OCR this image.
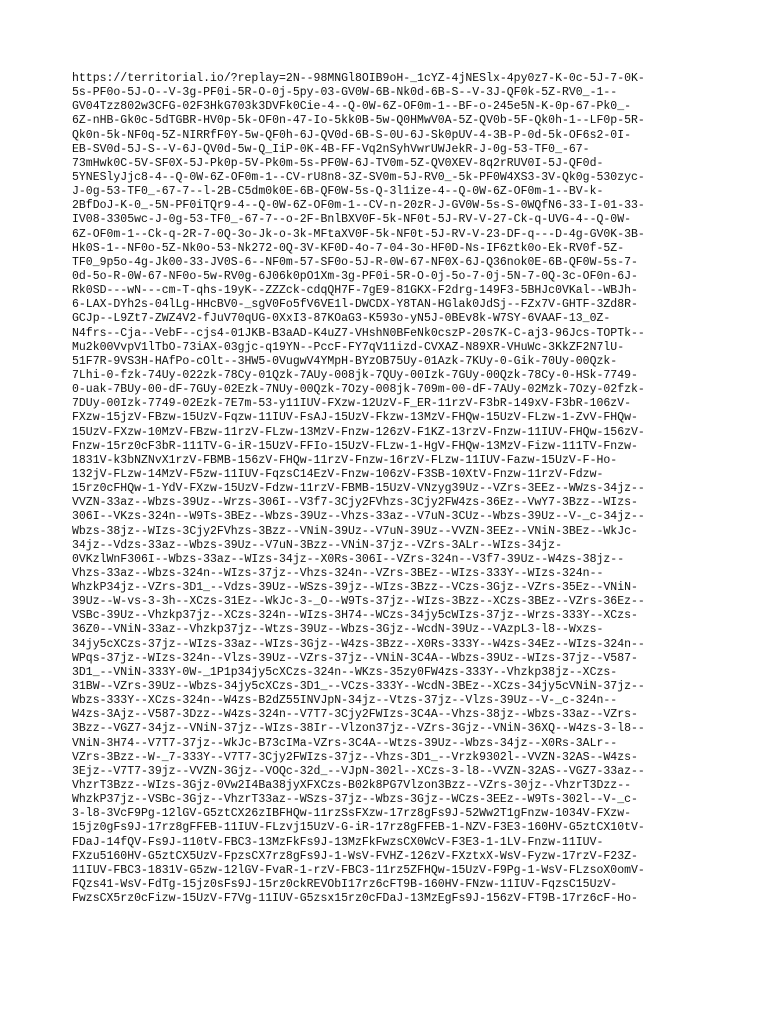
https://territorial.io/?replay=2N--98MNGl8OIB9oH-_1cYZ-4jNESlx-4py0z7-K-0c-5J-7-0K-
5s-PF0o-5J-O--V-3g-PF0i-5R-O-0j-5py-03-GV0W-6B-Nk0d-6B-S--V-3J-QF0k-5Z-RV0_-1--
GV04Tzz802w3CFG-02F3HkG703k3DVFk0Cie-4--Q-0W-6Z-OF0m-1--BF-o-245e5N-K-0p-67-Pk0_-
6Z-nHB-Gk0c-5dTGBR-HV0p-5k-OF0n-47-Io-5kk0B-5w-Q0HMwV0A-5Z-QV0b-5F-Qk0h-1--LF0p-5R-
Qk0n-5k-NF0q-5Z-NIRRfF0Y-5w-QF0h-6J-QV0d-6B-S-0U-6J-Sk0pUV-4-3B-P-0d-5k-OF6s2-0I-
EB-SV0d-5J-S--V-6J-QV0d-5w-Q_IiP-0K-4B-FF-Vq2nSyhVwrUWJekR-J-0g-53-TF0_-67-
73mHwk0C-5V-SF0X-5J-Pk0p-5V-Pk0m-5s-PF0W-6J-TV0m-5Z-QV0XEV-8q2rRUV0I-5J-QF0d-
5YNESlyJjc8-4--Q-0W-6Z-OF0m-1--CV-rU8n8-3Z-SV0m-5J-RV0_-5k-PF0W4XS3-3V-Qk0g-530zyc-
J-0g-53-TF0_-67-7--l-2B-C5dm0k0E-6B-QF0W-5s-Q-3l1ize-4--Q-0W-6Z-OF0m-1--BV-k-
2BfDoJ-K-0_-5N-PF0iTQr9-4--Q-0W-6Z-OF0m-1--CV-n-20zR-J-GV0W-5s-S-0WQfN6-33-I-01-33-
IV08-3305wc-J-0g-53-TF0_-67-7--o-2F-BnlBXV0F-5k-NF0t-5J-RV-V-27-Ck-q-UVG-4--Q-0W-
6Z-OF0m-1--Ck-q-2R-7-0Q-3o-Jk-o-3k-MFtaXV0F-5k-NF0t-5J-RV-V-23-DF-q---D-4g-GV0K-3B-
Hk0S-1--NF0o-5Z-Nk0o-53-Nk272-0Q-3V-KF0D-4o-7-04-3o-HF0D-Ns-IF6ztk0o-Ek-RV0f-5Z-
TF0_9p5o-4g-Jk00-33-JV0S-6--NF0m-57-SF0o-5J-R-0W-67-NF0X-6J-Q36nok0E-6B-QF0W-5s-7-
0d-5o-R-0W-67-NF0o-5w-RV0g-6J06k0pO1Xm-3g-PF0i-5R-O-0j-5o-7-0j-5N-7-0Q-3c-OF0n-6J-
Rk0SD---wN---cm-T-qhs-19yK--ZZZck-cdqQH7F-7gE9-81GKX-F2drg-149F3-5BHJc0VKal--WBJh-
6-LAX-DYh2s-04lLg-HHcBV0-_sgV0Fo5fV6VE1l-DWCDX-Y8TAN-HGlak0JdSj--FZx7V-GHTF-3Zd8R-
GCJp--L9Zt7-ZWZ4V2-fJuV70qUG-0XxI3-87KOaG3-K593o-yN5J-0BEv8k-W7SY-6VAAF-13_0Z-
N4frs--Cja--VebF--cjs4-01JKB-B3aAD-K4uZ7-VHshN0BFeNk0cszP-20s7K-C-aj3-96Jcs-TOPTk--
Mu2k00VvpV1lTbO-73iAX-03gjc-q19YN--PccF-FY7qV11izd-CVXAZ-N89XR-VHuWc-3KkZF2N7lU-
51F7R-9VS3H-HAfPo-cOlt--3HW5-0VugwV4YMpH-BYzOB75Uy-01Azk-7KUy-0-Gik-70Uy-00Qzk-
7Lhi-0-fzk-74Uy-022zk-78Cy-01Qzk-7AUy-008jk-7QUy-00Izk-7GUy-00Qzk-78Cy-0-HSk-7749-
0-uak-7BUy-00-dF-7GUy-02Ezk-7NUy-00Qzk-7Ozy-008jk-709m-00-dF-7AUy-02Mzk-7Ozy-02fzk-
7DUy-00Izk-7749-02Ezk-7E7m-53-y11IUV-FXzw-12UzV-F_ER-11rzV-F3bR-149xV-F3bR-106zV-
FXzw-15jzV-FBzw-15UzV-Fqzw-11IUV-FsAJ-15UzV-Fkzw-13MzV-FHQw-15UzV-FLzw-1-ZvV-FHQw-
15UzV-FXzw-10MzV-FBzw-11rzV-FLzw-13MzV-Fnzw-126zV-F1KZ-13rzV-Fnzw-11IUV-FHQw-156zV-
Fnzw-15rz0cF3bR-111TV-G-iR-15UzV-FFIo-15UzV-FLzw-1-HgV-FHQw-13MzV-Fizw-111TV-Fnzw-
1831V-k3bNZNvX1rzV-FBMB-156zV-FHQw-11rzV-Fnzw-16rzV-FLzw-11IUV-Fazw-15UzV-F-Ho-
132jV-FLzw-14MzV-F5zw-11IUV-FqzsC14EzV-Fnzw-106zV-F3SB-10XtV-Fnzw-11rzV-Fdzw-
15rz0cFHQw-1-YdV-FXzw-15UzV-Fdzw-11rzV-FBMB-15UzV-VNzyg39Uz--VZrs-3EEz--WWzs-34jz--
VVZN-33az--Wbzs-39Uz--Wrzs-306I--V3f7-3Cjy2FVhzs-3Cjy2FW4zs-36Ez--VwY7-3Bzz--WIzs-
306I--VKzs-324n--W9Ts-3BEz--Wbzs-39Uz--Vhzs-33az--V7uN-3CUz--Wbzs-39Uz--V-_c-34jz--
Wbzs-38jz--WIzs-3Cjy2FVhzs-3Bzz--VNiN-39Uz--V7uN-39Uz--VVZN-3EEz--VNiN-3BEz--WkJc-
34jz--Vdzs-33az--Wbzs-39Uz--V7uN-3Bzz--VNiN-37jz--VZrs-3ALr--WIzs-34jz-
0VKzlWnF306I--Wbzs-33az--WIzs-34jz--X0Rs-306I--VZrs-324n--V3f7-39Uz--W4zs-38jz--
Vhzs-33az--Wbzs-324n--WIzs-37jz--Vhzs-324n--VZrs-3BEz--WIzs-333Y--WIzs-324n--
WhzkP34jz--VZrs-3D1_--Vdzs-39Uz--WSzs-39jz--WIzs-3Bzz--VCzs-3Gjz--VZrs-35Ez--VNiN-
39Uz--W-vs-3-3h--XCzs-31Ez--WkJc-3-_O--W9Ts-37jz--WIzs-3Bzz--XCzs-3BEz--VZrs-36Ez--
VSBc-39Uz--Vhzkp37jz--XCzs-324n--WIzs-3H74--WCzs-34jy5cWIzs-37jz--Wrzs-333Y--XCzs-
36Z0--VNiN-33az--Vhzkp37jz--Wtzs-39Uz--Wbzs-3Gjz--WcdN-39Uz--VAzpL3-l8--Wxzs-
34jy5cXCzs-37jz--WIzs-33az--WIzs-3Gjz--W4zs-3Bzz--X0Rs-333Y--W4zs-34Ez--WIzs-324n--
WPqs-37jz--WIzs-324n--Vlzs-39Uz--VZrs-37jz--VNiN-3C4A--Wbzs-39Uz--WIzs-37jz--V587-
3D1_--VNiN-333Y-0W-_1P1p34jy5cXCzs-324n--WKzs-35zy0FW4zs-333Y--Vhzkp38jz--XCzs-
31BW--VZrs-39Uz--Wbzs-34jy5cXCzs-3D1_--VCzs-333Y--WcdN-3BEz--XCzs-34jy5cVNiN-37jz--
Wbzs-333Y--XCzs-324n--W4zs-B2dZ55INVJpN-34jz--Vtzs-37jz--Vlzs-39Uz--V-_c-324n--
W4zs-3Ajz--V587-3Dzz--W4zs-324n--V7T7-3Cjy2FWIzs-3C4A--Vhzs-38jz--Wbzs-33az--VZrs-
3Bzz--VGZ7-34jz--VNiN-37jz--WIzs-38Ir--Vlzon37jz--VZrs-3Gjz--VNiN-36XQ--W4zs-3-l8--
VNiN-3H74--V7T7-37jz--WkJc-B73cIMa-VZrs-3C4A--Wtzs-39Uz--Wbzs-34jz--X0Rs-3ALr--
VZrs-3Bzz--W-_7-333Y--V7T7-3Cjy2FWIzs-37jz--Vhzs-3D1_--Vrzk9302l--VVZN-32AS--W4zs-
3Ejz--V7T7-39jz--VVZN-3Gjz--VOQc-32d_--VJpN-302l--XCzs-3-l8--VVZN-32AS--VGZ7-33az--
VhzrT3Bzz--WIzs-3Gjz-0Vw2I4Ba38jyXFXCzs-B02k8PG7Vlzon3Bzz--VZrs-30jz--VhzrT3Dzz--
WhzkP37jz--VSBc-3Gjz--VhzrT33az--WSzs-37jz--Wbzs-3Gjz--WCzs-3EEz--W9Ts-302l--V-_c-
3-l8-3VcF9Pg-12lGV-G5ztCX26zIBFHQw-11rzSsFXzw-17rz8gFs9J-52Ww2T1gFnzw-1034V-FXzw-
15jz0gFs9J-17rz8gFFEB-11IUV-FLzvj15UzV-G-iR-17rz8gFFEB-1-NZV-F3E3-160HV-G5ztCX10tV-
FDaJ-14fQV-Fs9J-110tV-FBC3-13MzFkFs9J-13MzFkFwzsCX0WcV-F3E3-1-1LV-Fnzw-11IUV-
FXzu5160HV-G5ztCX5UzV-FpzsCX7rz8gFs9J-1-WsV-FVHZ-126zV-FXztxX-WsV-Fyzw-17rzV-F23Z-
11IUV-FBC3-1831V-G5zw-12lGV-FvaR-1-rzV-FBC3-11rz5ZFHQw-15UzV-F9Pg-1-WsV-FLzsoX0omV-
FQzs41-WsV-FdTg-15jz0sFs9J-15rz0ckREVObI17rz6cFT9B-160HV-FNzw-11IUV-FqzsC15UzV-
FwzsCX5rz0cFizw-15UzV-F7Vg-11IUV-G5zsx15rz0cFDaJ-13MzEgFs9J-156zV-FT9B-17rz6cF-Ho-
